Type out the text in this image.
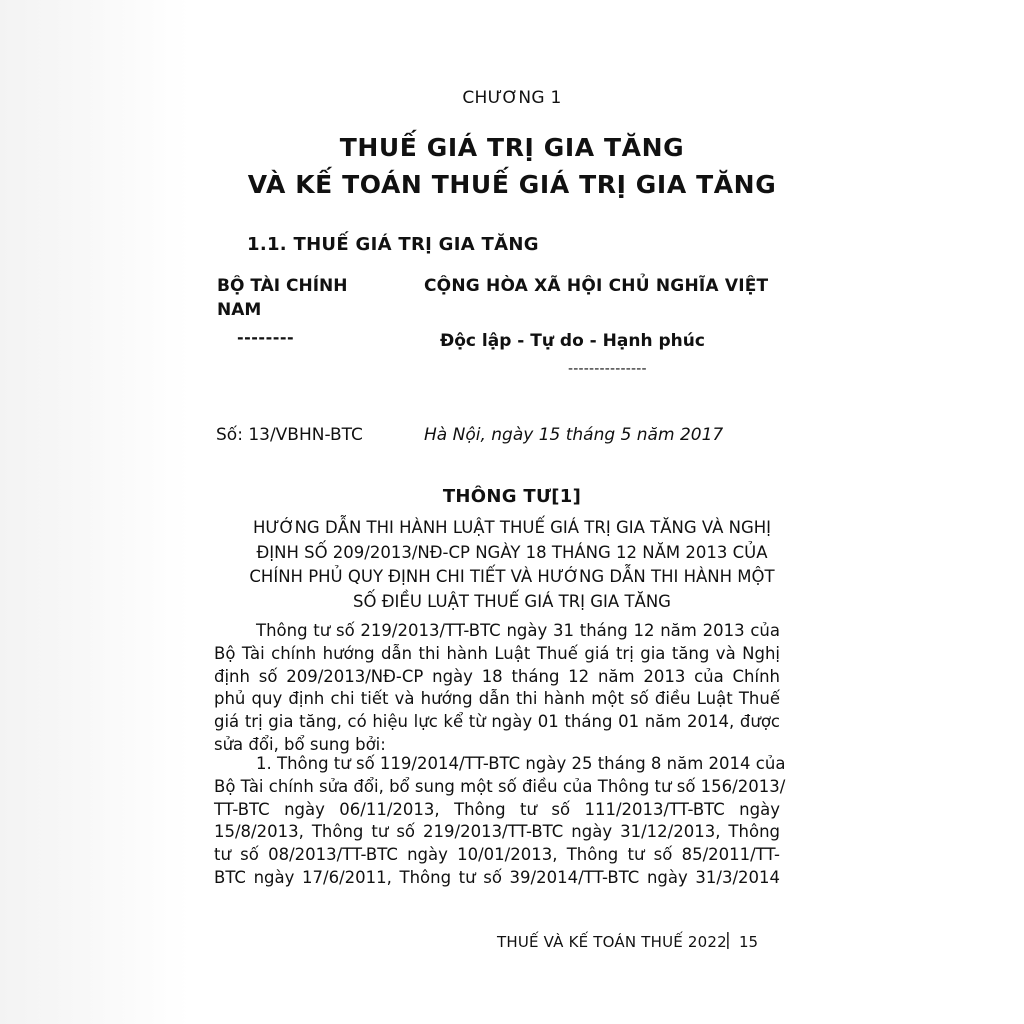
CHƯƠNG 1
THUẾ GIÁ TRỊ GIA TĂNG
VÀ KẾ TOÁN THUẾ GIÁ TRỊ GIA TĂNG
1.1. THUẾ GIÁ TRỊ GIA TĂNG
BỘ TÀI CHÍNH NAM
CỘNG HÒA XÃ HỘI CHỦ NGHĨA VIỆT
--------	Độc lập - Tự do - Hạnh phúc
---------------
Số: 13/VBHN-BTC	Hà Nội, ngày 15 tháng 5 năm 2017
THÔNG TƯ[1]
HƯỚNG DẪN THI HÀNH LUẬT THUẾ GIÁ TRỊ GIA TĂNG VÀ NGHỊ
ĐỊNH SỐ 209/2013/NĐ-CP NGÀY 18 THÁNG 12 NĂM 2013 CỦA
CHÍNH PHỦ QUY ĐỊNH CHI TIẾT VÀ HƯỚNG DẪN THI HÀNH MỘT
SỐ ĐIỀU LUẬT THUẾ GIÁ TRỊ GIA TĂNG
Thông tư số 219/2013/TT-BTC ngày 31 tháng 12 năm 2013 của
Bộ Tài chính hướng dẫn thi hành Luật Thuế giá trị gia tăng và Nghị
định số 209/2013/NĐ-CP ngày 18 tháng 12 năm 2013 của Chính
phủ quy định chi tiết và hướng dẫn thi hành một số điều Luật Thuế
giá trị gia tăng, có hiệu lực kể từ ngày 01 tháng 01 năm 2014, được
sửa đổi, bổ sung bởi:
1. Thông tư số 119/2014/TT-BTC ngày 25 tháng 8 năm 2014 của
Bộ Tài chính sửa đổi, bổ sung một số điều của Thông tư số 156/2013/
TT-BTC ngày 06/11/2013, Thông tư số 111/2013/TT-BTC ngày
15/8/2013, Thông tư số 219/2013/TT-BTC ngày 31/12/2013, Thông
tư số 08/2013/TT-BTC ngày 10/01/2013, Thông tư số 85/2011/TT-
BTC ngày 17/6/2011, Thông tư số 39/2014/TT-BTC ngày 31/3/2014
THUẾ VÀ KẾ TOÁN THUẾ 2022
| 15
